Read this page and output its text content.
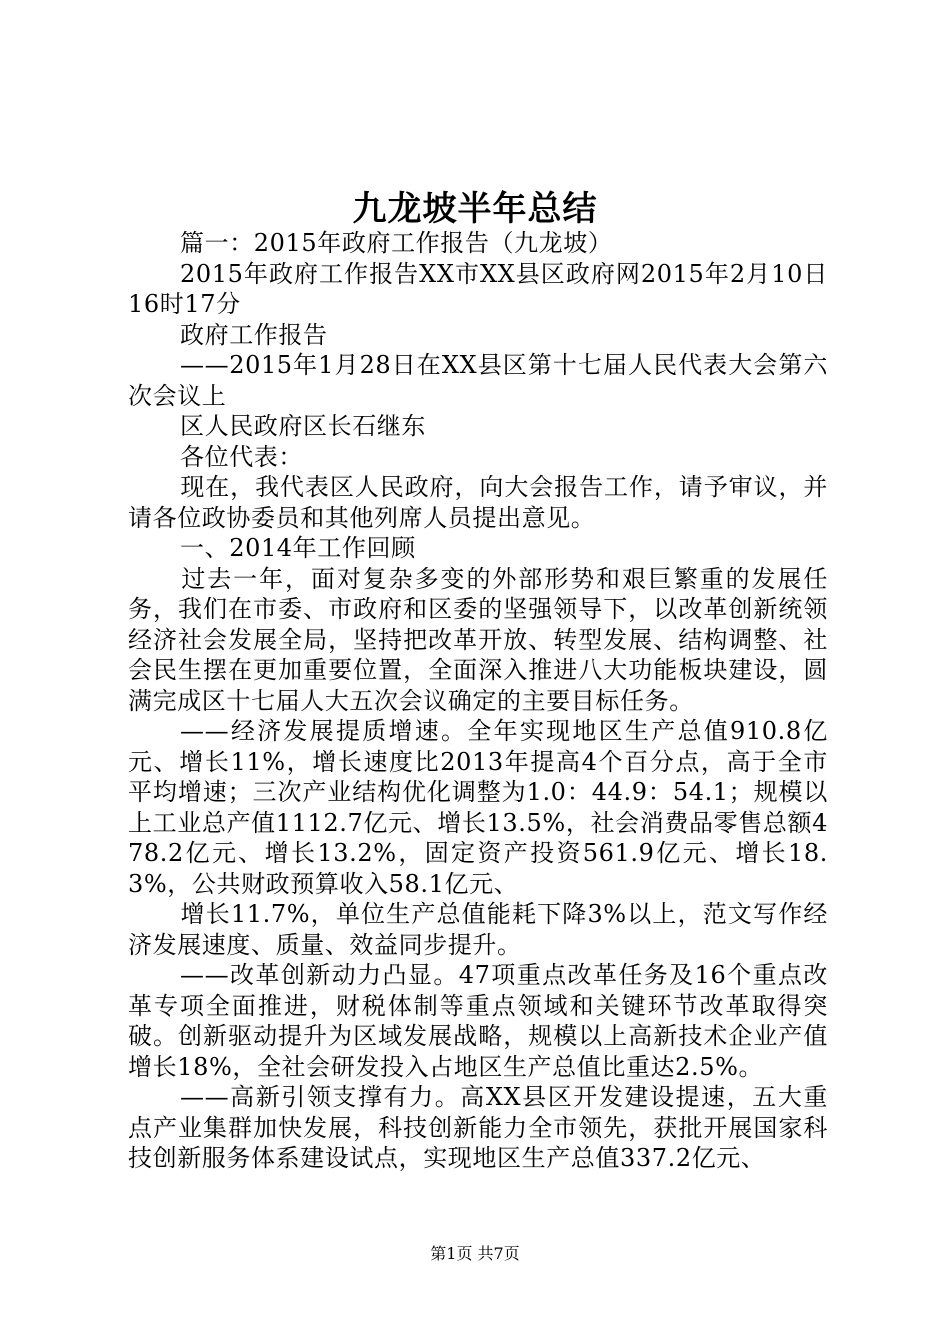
九龙坡半年总结

篇一：2015年政府工作报告（九龙坡）

2015年政府工作报告XX市XX县区政府网2015年2月10日16时17分

政府工作报告

——2015年1月28日在XX县区第十七届人民代表大会第六次会议上

区人民政府区长石继东

各位代表：

现在，我代表区人民政府，向大会报告工作，请予审议，并请各位政协委员和其他列席人员提出意见。

一、2014年工作回顾

过去一年，面对复杂多变的外部形势和艰巨繁重的发展任务，我们在市委、市政府和区委的坚强领导下，以改革创新统领经济社会发展全局，坚持把改革开放、转型发展、结构调整、社会民生摆在更加重要位置，全面深入推进八大功能板块建设，圆满完成区十七届人大五次会议确定的主要目标任务。

——经济发展提质增速。全年实现地区生产总值910.8亿元、增长11%，增长速度比2013年提高4个百分点，高于全市平均增速；三次产业结构优化调整为1.0：44.9：54.1；规模以上工业总产值1112.7亿元、增长13.5%，社会消费品零售总额478.2亿元、增长13.2%，固定资产投资561.9亿元、增长18.3%，公共财政预算收入58.1亿元、

增长11.7%，单位生产总值能耗下降3%以上，范文写作经济发展速度、质量、效益同步提升。

——改革创新动力凸显。47项重点改革任务及16个重点改革专项全面推进，财税体制等重点领域和关键环节改革取得突破。创新驱动提升为区域发展战略，规模以上高新技术企业产值增长18%，全社会研发投入占地区生产总值比重达2.5%。

——高新引领支撑有力。高XX县区开发建设提速，五大重点产业集群加快发展，科技创新能力全市领先，获批开展国家科技创新服务体系建设试点，实现地区生产总值337.2亿元、

第1页 共7页
